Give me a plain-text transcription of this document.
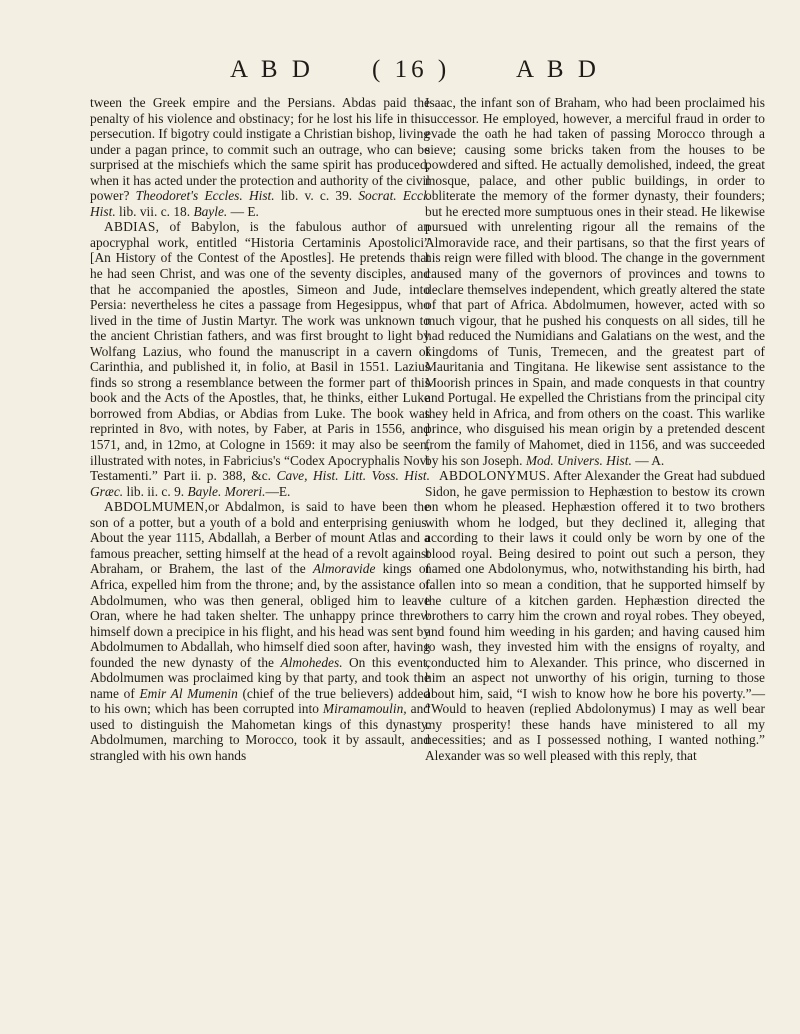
A B D ( 16 )	A B D

tween the Greek empire and the Persians. Abdas paid the penalty of his violence and obstinacy; for he lost his life in this persecution. If bigotry could instigate a Christian bishop, living under a pagan prince, to commit such an outrage, who can be surprised at the mischiefs which the same spirit has produced, when it has acted under the protection and authority of the civil power? Theodoret's Eccles. Hist. lib. v. c. 39. Socrat. Eccl. Hist. lib. vii. c. 18. Bayle. — E.

ABDIAS, of Babylon, is the fabulous author of an apocryphal work, entitled “Historia Certaminis Apostolici” [An History of the Contest of the Apostles]. He pretends that he had seen Christ, and was one of the seventy disciples, and that he accompanied the apostles, Simeon and Jude, into Persia: nevertheless he cites a passage from Hegesippus, who lived in the time of Justin Martyr. The work was unknown to the ancient Christian fathers, and was first brought to light by Wolfang Lazius, who found the manuscript in a cavern of Carinthia, and published it, in folio, at Basil in 1551. Lazius finds so strong a resemblance between the former part of this book and the Acts of the Apostles, that, he thinks, either Luke borrowed from Abdias, or Abdias from Luke. The book was reprinted in 8vo, with notes, by Faber, at Paris in 1556, and 1571, and, in 12mo, at Cologne in 1569: it may also be seen, illustrated with notes, in Fabricius's “Codex Apocryphalis Novi Testamenti.” Part ii. p. 388, &c. Cave, Hist. Litt. Voss. Hist. Græc. lib. ii. c. 9. Bayle. Moreri.—E.

ABDOLMUMEN,or Abdalmon, is said to have been the son of a potter, but a youth of a bold and enterprising genius. About the year 1115, Abdallah, a Berber of mount Atlas and a famous preacher, setting himself at the head of a revolt against Abraham, or Brahem, the last of the Almoravide kings of Africa, expelled him from the throne; and, by the assistance of Abdolmumen, who was then general, obliged him to leave Oran, where he had taken shelter. The unhappy prince threw himself down a precipice in his flight, and his head was sent by Abdolmumen to Abdallah, who himself died soon after, having founded the new dynasty of the Almohedes. On this event, Abdolmumen was proclaimed king by that party, and took the name of Emir Al Mumenin (chief of the true believers) added to his own; which has been corrupted into Miramamoulin, and used to distinguish the Mahometan kings of this dynasty. Abdolmumen, marching to Morocco, took it by assault, and strangled with his own hands

Isaac, the infant son of Braham, who had been proclaimed his successor. He employed, however, a merciful fraud in order to evade the oath he had taken of passing Morocco through a sieve; causing some bricks taken from the houses to be powdered and sifted. He actually demolished, indeed, the great mosque, palace, and other public buildings, in order to obliterate the memory of the former dynasty, their founders; but he erected more sumptuous ones in their stead. He likewise pursued with unrelenting rigour all the remains of the Almoravide race, and their partisans, so that the first years of his reign were filled with blood. The change in the government caused many of the governors of provinces and towns to declare themselves independent, which greatly altered the state of that part of Africa. Abdolmumen, however, acted with so much vigour, that he pushed his conquests on all sides, till he had reduced the Numidians and Galatians on the west, and the kingdoms of Tunis, Tremecen, and the greatest part of Mauritania and Tingitana. He likewise sent assistance to the Moorish princes in Spain, and made conquests in that country and Portugal. He expelled the Christians from the principal city they held in Africa, and from others on the coast. This warlike prince, who disguised his mean origin by a pretended descent from the family of Mahomet, died in 1156, and was succeeded by his son Joseph. Mod. Univers. Hist. — A.

ABDOLONYMUS. After Alexander the Great had subdued Sidon, he gave permission to Hephæstion to bestow its crown on whom he pleased. Hephæstion offered it to two brothers with whom he lodged, but they declined it, alleging that according to their laws it could only be worn by one of the blood royal. Being desired to point out such a person, they named one Abdolonymus, who, notwithstanding his birth, had fallen into so mean a condition, that he supported himself by the culture of a kitchen garden. Hephæstion directed the brothers to carry him the crown and royal robes. They obeyed, and found him weeding in his garden; and having caused him to wash, they invested him with the ensigns of royalty, and conducted him to Alexander. This prince, who discerned in him an aspect not unworthy of his origin, turning to those about him, said, “I wish to know how he bore his poverty.”— “Would to heaven (replied Abdolonymus) I may as well bear my prosperity! these hands have ministered to all my necessities; and as I possessed nothing, I wanted nothing.” Alexander was so well pleased with this reply, that
